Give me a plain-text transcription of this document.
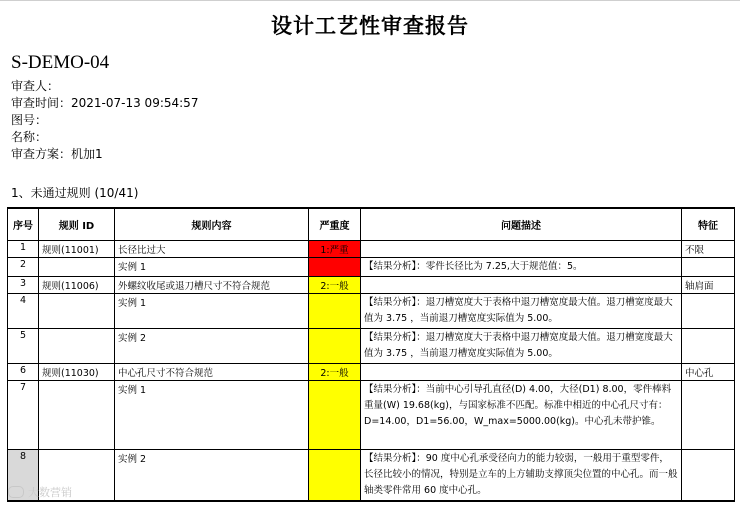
设计工艺性审查报告
S-DEMO-04
审查人：
审查时间：2021-07-13 09:54:57
图号：
名称：
审查方案：机加1
1、未通过规则 (10/41)
序号	规则 ID	规则内容	严重度	问题描述	特征
1	规则(11001)	长径比过大	1:严重		不限
2		实例 1		【结果分析】：零件长径比为 7.25,大于规范值：5。	
3	规则(11006)	外螺纹收尾或退刀槽尺寸不符合规范	2:一般		轴肩面
4		实例 1		【结果分析】：退刀槽宽度大于表格中退刀槽宽度最大值。退刀槽宽度最大值为 3.75 ，当前退刀槽宽度实际值为 5.00。	
5		实例 2		【结果分析】：退刀槽宽度大于表格中退刀槽宽度最大值。退刀槽宽度最大值为 3.75 ，当前退刀槽宽度实际值为 5.00。	
6	规则(11030)	中心孔尺寸不符合规范	2:一般		中心孔
7		实例 1		【结果分析】：当前中心引导孔直径(D) 4.00，大径(D1) 8.00，零件棒料重量(W) 19.68(kg)，与国家标准不匹配。标准中相近的中心孔尺寸有： D=14.00，D1=56.00，W_max=5000.00(kg)。中心孔未带护锥。	
8		实例 2		【结果分析】：90 度中心孔承受径向力的能力较弱，一般用于重型零件，长径比较小的情况，特别是立车的上方辅助支撑顶尖位置的中心孔。而一般轴类零件常用 60 度中心孔。	
大数营销
